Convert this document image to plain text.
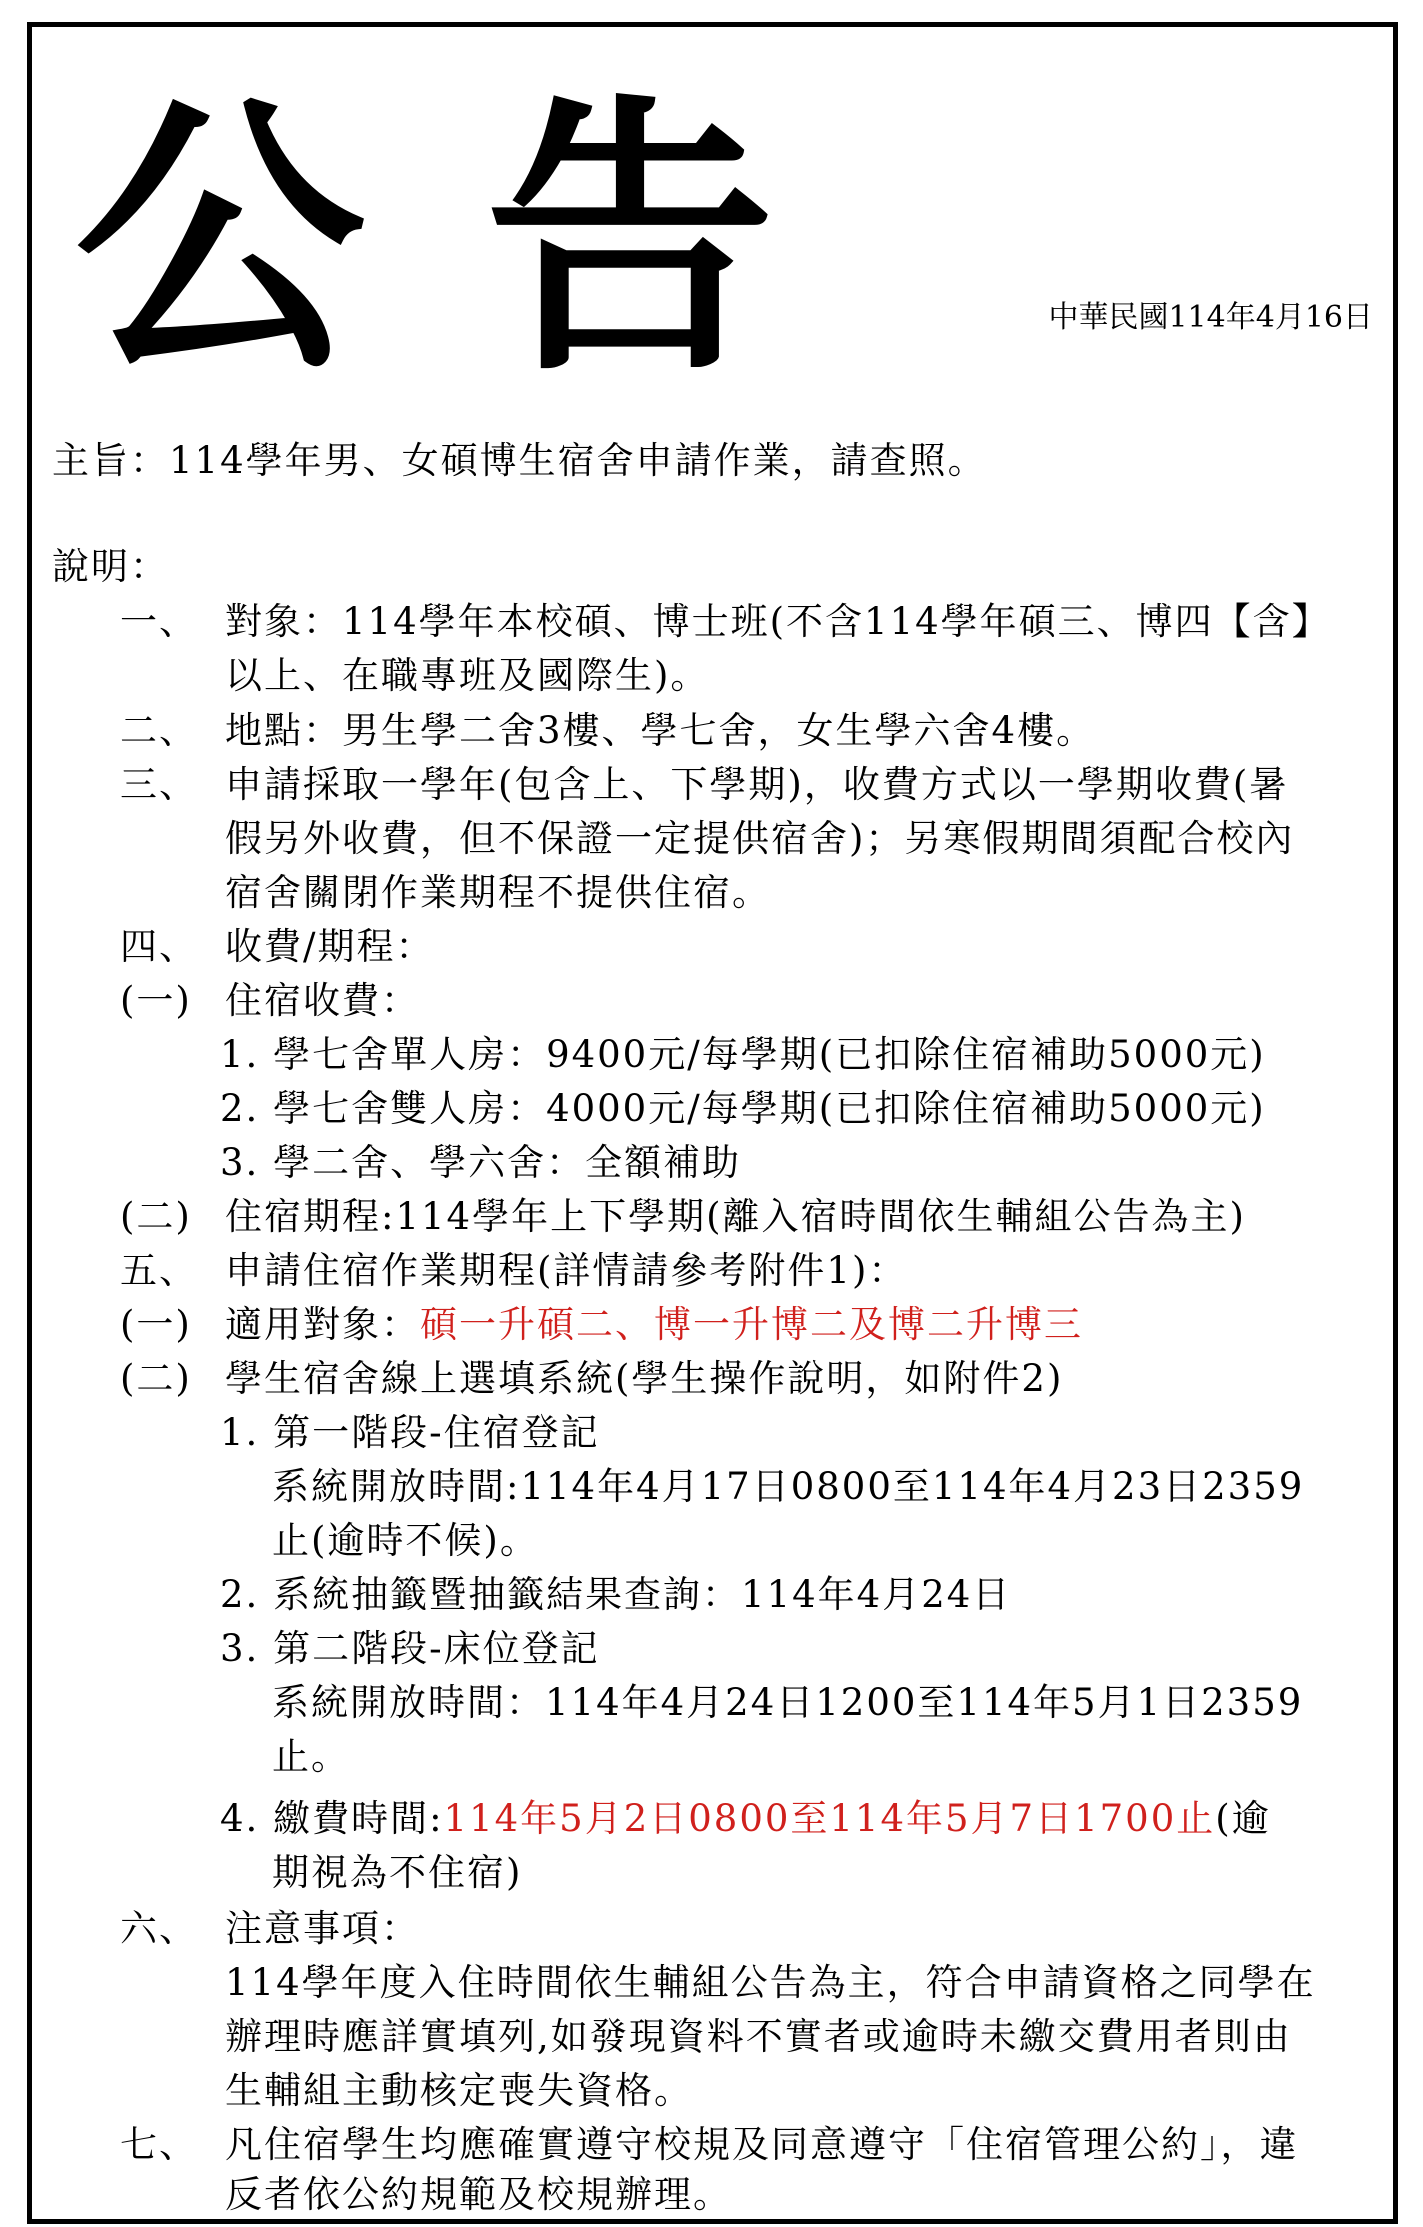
公告	中華民國114年4月16日
主旨：114學年男、女碩博生宿舍申請作業，請查照。
說明：
一、 對象：114學年本校碩、博士班(不含114學年碩三、博四【含】
以上、在職專班及國際生)。
二、 地點：男生學二舍3樓、學七舍，女生學六舍4樓。
三、 申請採取一學年(包含上、下學期)，收費方式以一學期收費(暑
假另外收費，但不保證一定提供宿舍)；另寒假期間須配合校內
宿舍關閉作業期程不提供住宿。
四、 收費/期程：
(一) 住宿收費：
1. 學七舍單人房：9400元/每學期(已扣除住宿補助5000元)
2. 學七舍雙人房：4000元/每學期(已扣除住宿補助5000元)
3. 學二舍、學六舍：全額補助
(二) 住宿期程:114學年上下學期(離入宿時間依生輔組公告為主)
五、 申請住宿作業期程(詳情請參考附件1)：
(一) 適用對象：碩一升碩二、博一升博二及博二升博三
(二) 學生宿舍線上選填系統(學生操作說明，如附件2)
1. 第一階段-住宿登記
系統開放時間:114年4月17日0800至114年4月23日2359
止(逾時不候)。
2. 系統抽籤暨抽籤結果查詢：114年4月24日
3. 第二階段-床位登記
系統開放時間：114年4月24日1200至114年5月1日2359
止。
4. 繳費時間:114年5月2日0800至114年5月7日1700止(逾
期視為不住宿)
六、 注意事項：
114學年度入住時間依生輔組公告為主，符合申請資格之同學在
辦理時應詳實填列,如發現資料不實者或逾時未繳交費用者則由
生輔組主動核定喪失資格。
七、 凡住宿學生均應確實遵守校規及同意遵守「住宿管理公約」，違
反者依公約規範及校規辦理。
